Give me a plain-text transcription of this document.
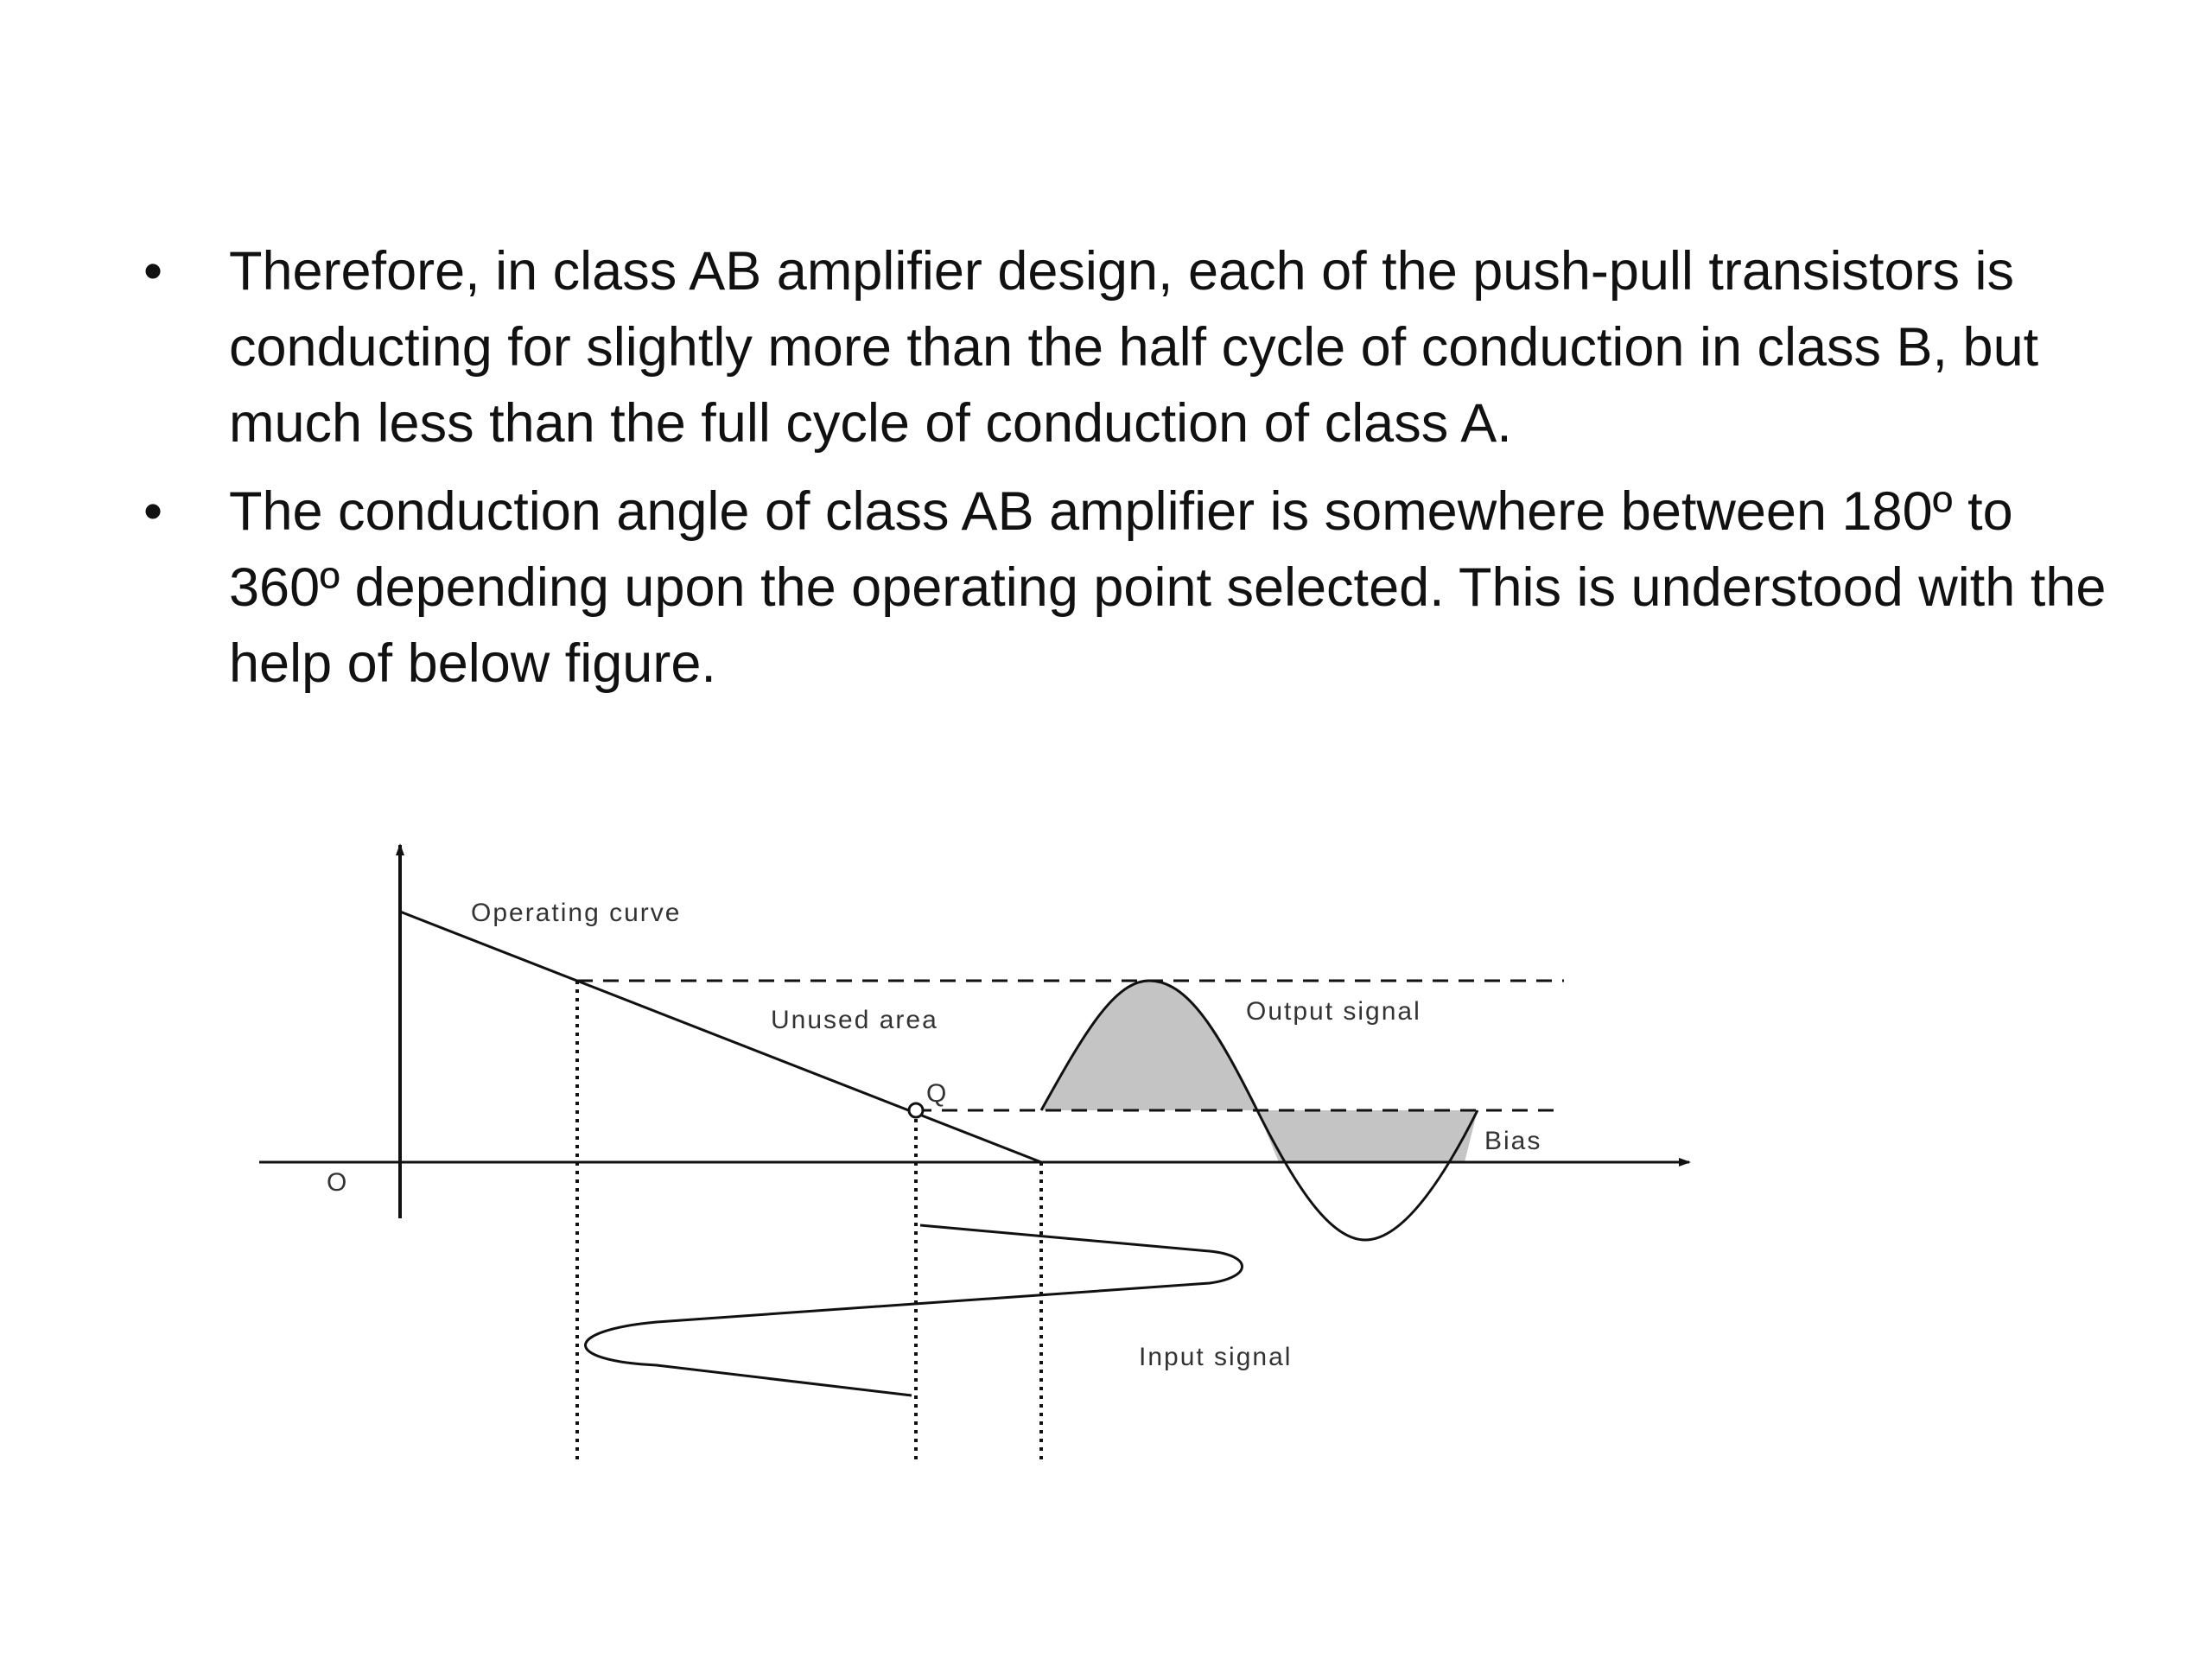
• Therefore, in class AB amplifier design, each of the push-pull transistors is conducting for slightly more than the half cycle of conduction in class B, but much less than the full cycle of conduction of class A.
• The conduction angle of class AB amplifier is somewhere between 180º to 360º depending upon the operating point selected. This is understood with the help of below figure.
Operating curve
Unused area	Output signal
Bias
Q
O
Input signal
